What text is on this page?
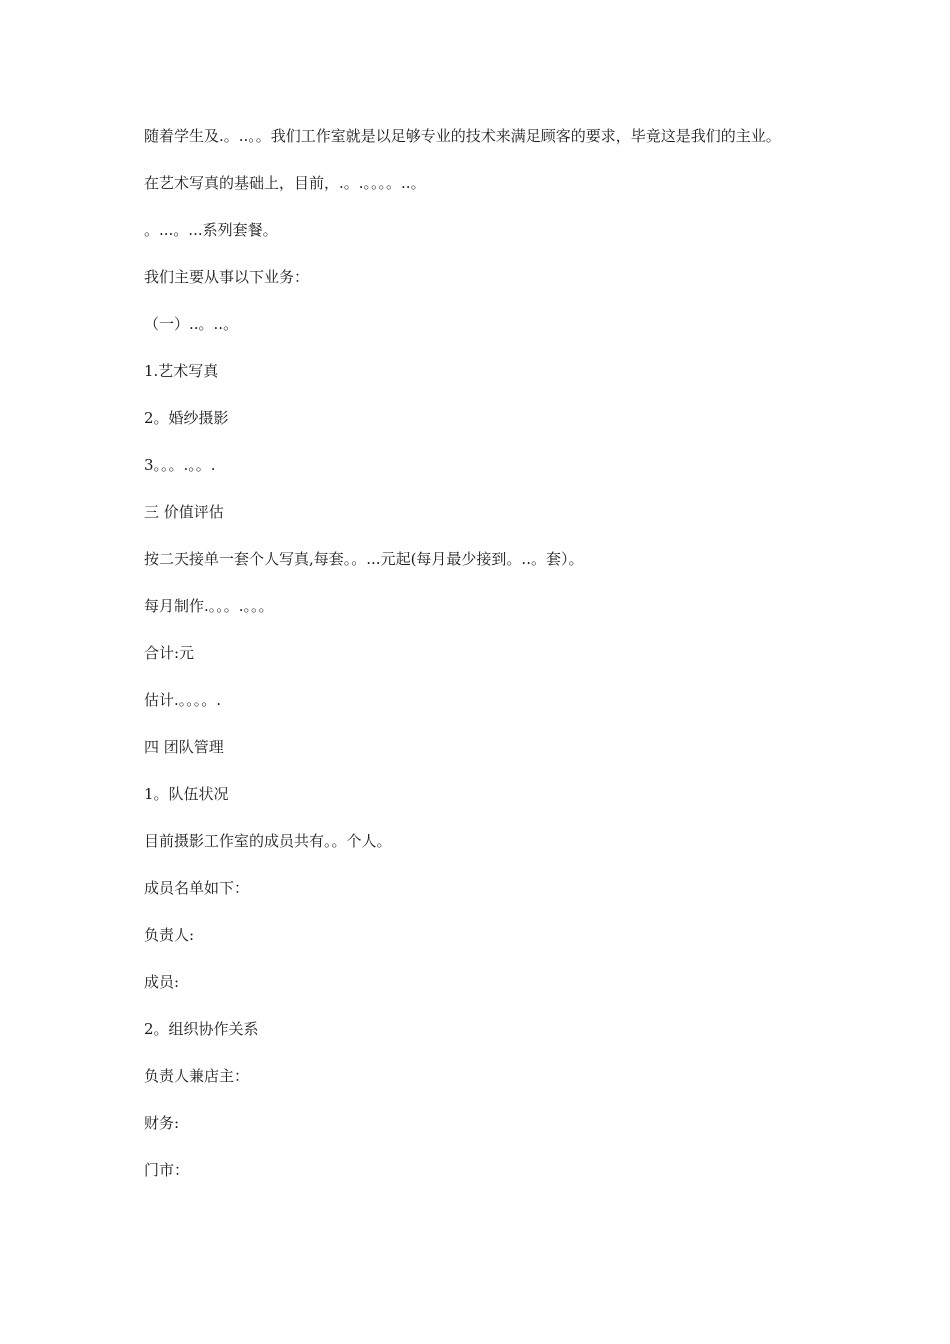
随着学生及.。..。。我们工作室就是以足够专业的技术来满足顾客的要求，毕竟这是我们的主业。

在艺术写真的基础上，目前，.。.。。。。..。

。...。...系列套餐。

我们主要从事以下业务：

（一）..。..。

1.艺术写真

2。婚纱摄影

3。。。.。。.

三 价值评估

按二天接单一套个人写真,每套。。...元起(每月最少接到。..。套）。

每月制作.。。。.。。。

合计:元

估计.。。。。.

四 团队管理

1。队伍状况

目前摄影工作室的成员共有。。个人。

成员名单如下：

负责人:

成员:

2。组织协作关系

负责人兼店主：

财务:

门市：
